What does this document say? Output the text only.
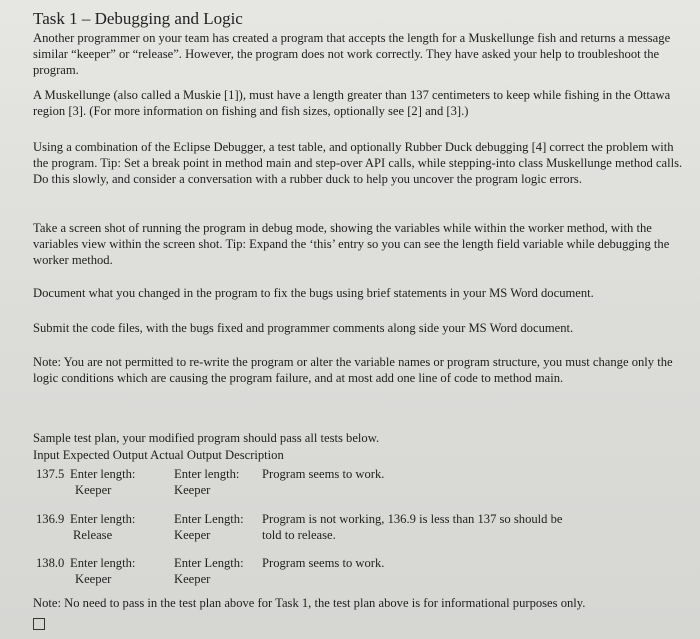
Task 1 – Debugging and Logic

Another programmer on your team has created a program that accepts the length for a Muskellunge fish and returns a message similar “keeper” or “release”. However, the program does not work correctly. They have asked your help to troubleshoot the program.

A Muskellunge (also called a Muskie [1]), must have a length greater than 137 centimeters to keep while fishing in the Ottawa region [3]. (For more information on fishing and fish sizes, optionally see [2] and [3].)

Using a combination of the Eclipse Debugger, a test table, and optionally Rubber Duck debugging [4] correct the problem with the program. Tip: Set a break point in method main and step-over API calls, while stepping-into class Muskellunge method calls. Do this slowly, and consider a conversation with a rubber duck to help you uncover the program logic errors.

Take a screen shot of running the program in debug mode, showing the variables while within the worker method, with the variables view within the screen shot. Tip: Expand the ‘this’ entry so you can see the length field variable while debugging the worker method.

Document what you changed in the program to fix the bugs using brief statements in your MS Word document.

Submit the code files, with the bugs fixed and programmer comments along side your MS Word document.

Note: You are not permitted to re-write the program or alter the variable names or program structure, you must change only the logic conditions which are causing the program failure, and at most add one line of code to method main.

Sample test plan, your modified program should pass all tests below.

Input Expected Output Actual Output Description
137.5 Enter length:
Keeper
Enter length:
Keeper
Program seems to work.
136.9 Enter length:
Release
Enter Length:
Keeper
Program is not working, 136.9 is less than 137 so should be
told to release.
138.0 Enter length:
Keeper
Enter Length:
Keeper
Program seems to work.

Note: No need to pass in the test plan above for Task 1, the test plan above is for informational purposes only.
